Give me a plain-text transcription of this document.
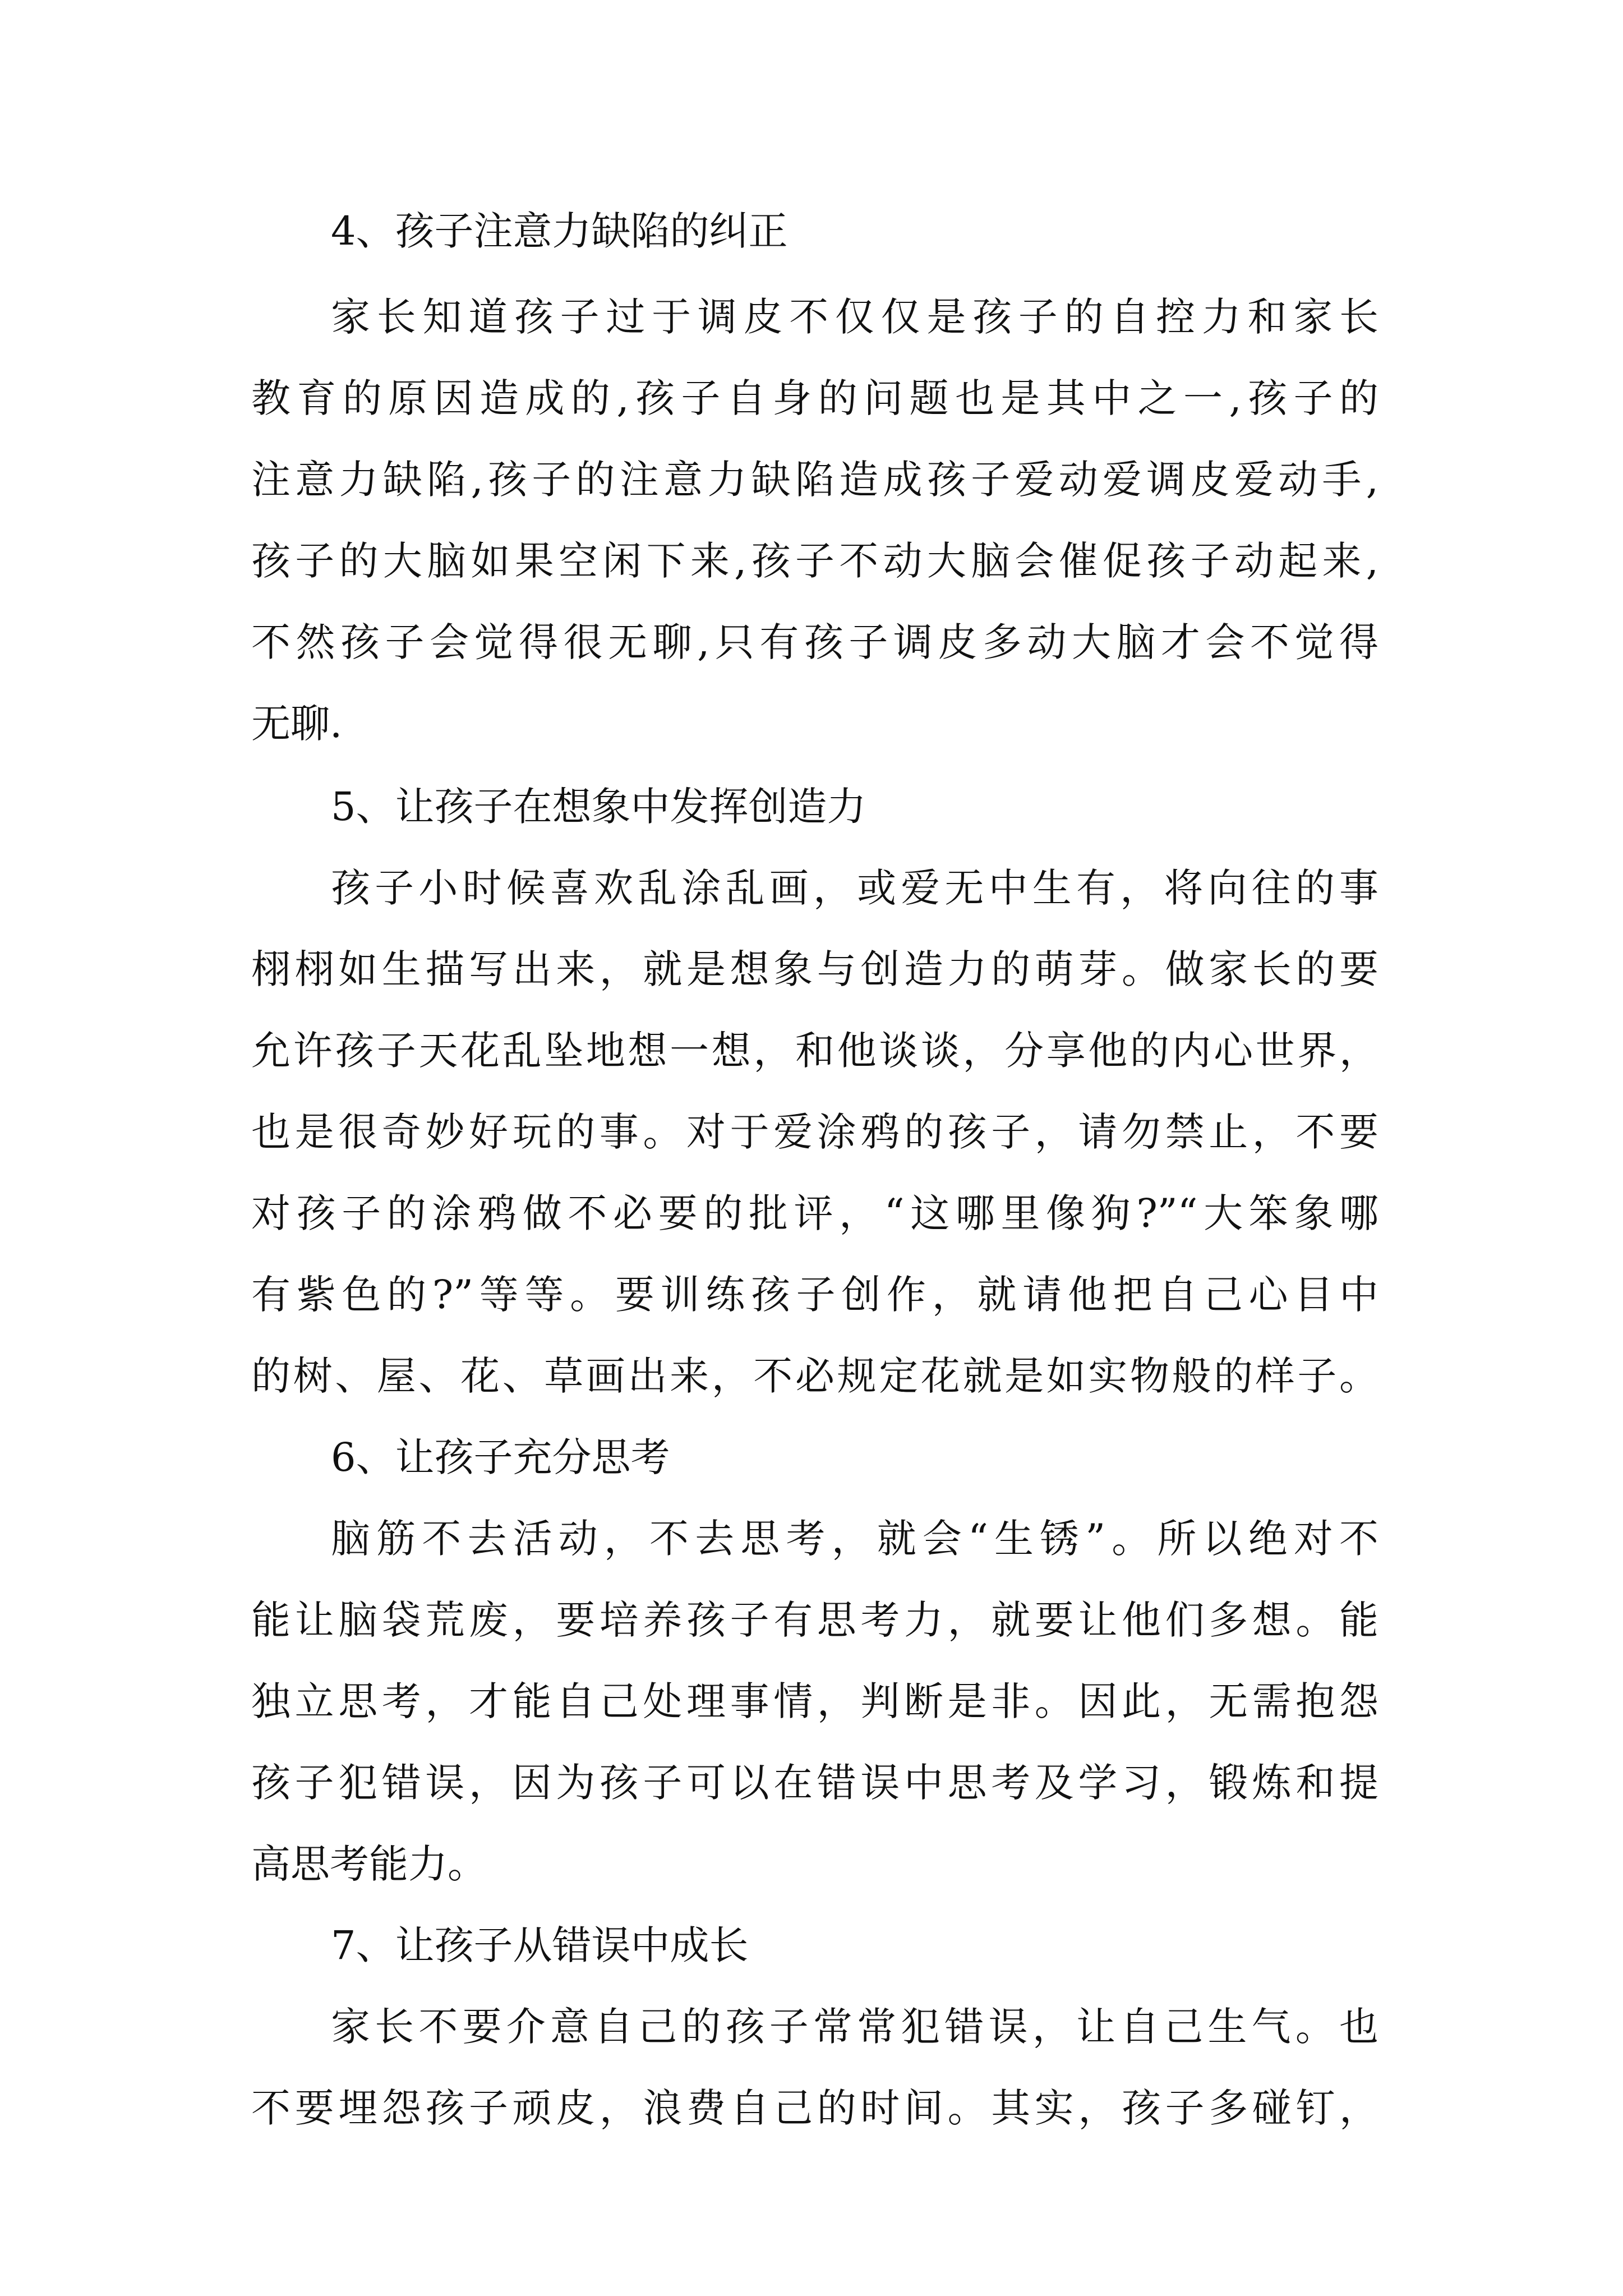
4、孩子注意力缺陷的纠正

家长知道孩子过于调皮不仅仅是孩子的自控力和家长

教育的原因造成的,孩子自身的问题也是其中之一,孩子的

注意力缺陷,孩子的注意力缺陷造成孩子爱动爱调皮爱动手,

孩子的大脑如果空闲下来,孩子不动大脑会催促孩子动起来,

不然孩子会觉得很无聊,只有孩子调皮多动大脑才会不觉得

无聊.

5、让孩子在想象中发挥创造力

孩子小时候喜欢乱涂乱画，或爱无中生有，将向往的事

栩栩如生描写出来，就是想象与创造力的萌芽。做家长的要

允许孩子天花乱坠地想一想，和他谈谈，分享他的内心世界，

也是很奇妙好玩的事。对于爱涂鸦的孩子，请勿禁止，不要

对孩子的涂鸦做不必要的批评，“这哪里像狗?”“大笨象哪

有紫色的?”等等。要训练孩子创作，就请他把自己心目中

的树、屋、花、草画出来，不必规定花就是如实物般的样子。

6、让孩子充分思考

脑筋不去活动，不去思考，就会“生锈”。所以绝对不

能让脑袋荒废，要培养孩子有思考力，就要让他们多想。能

独立思考，才能自己处理事情，判断是非。因此，无需抱怨

孩子犯错误，因为孩子可以在错误中思考及学习，锻炼和提

高思考能力。

7、让孩子从错误中成长

家长不要介意自己的孩子常常犯错误，让自己生气。也

不要埋怨孩子顽皮，浪费自己的时间。其实，孩子多碰钉，
